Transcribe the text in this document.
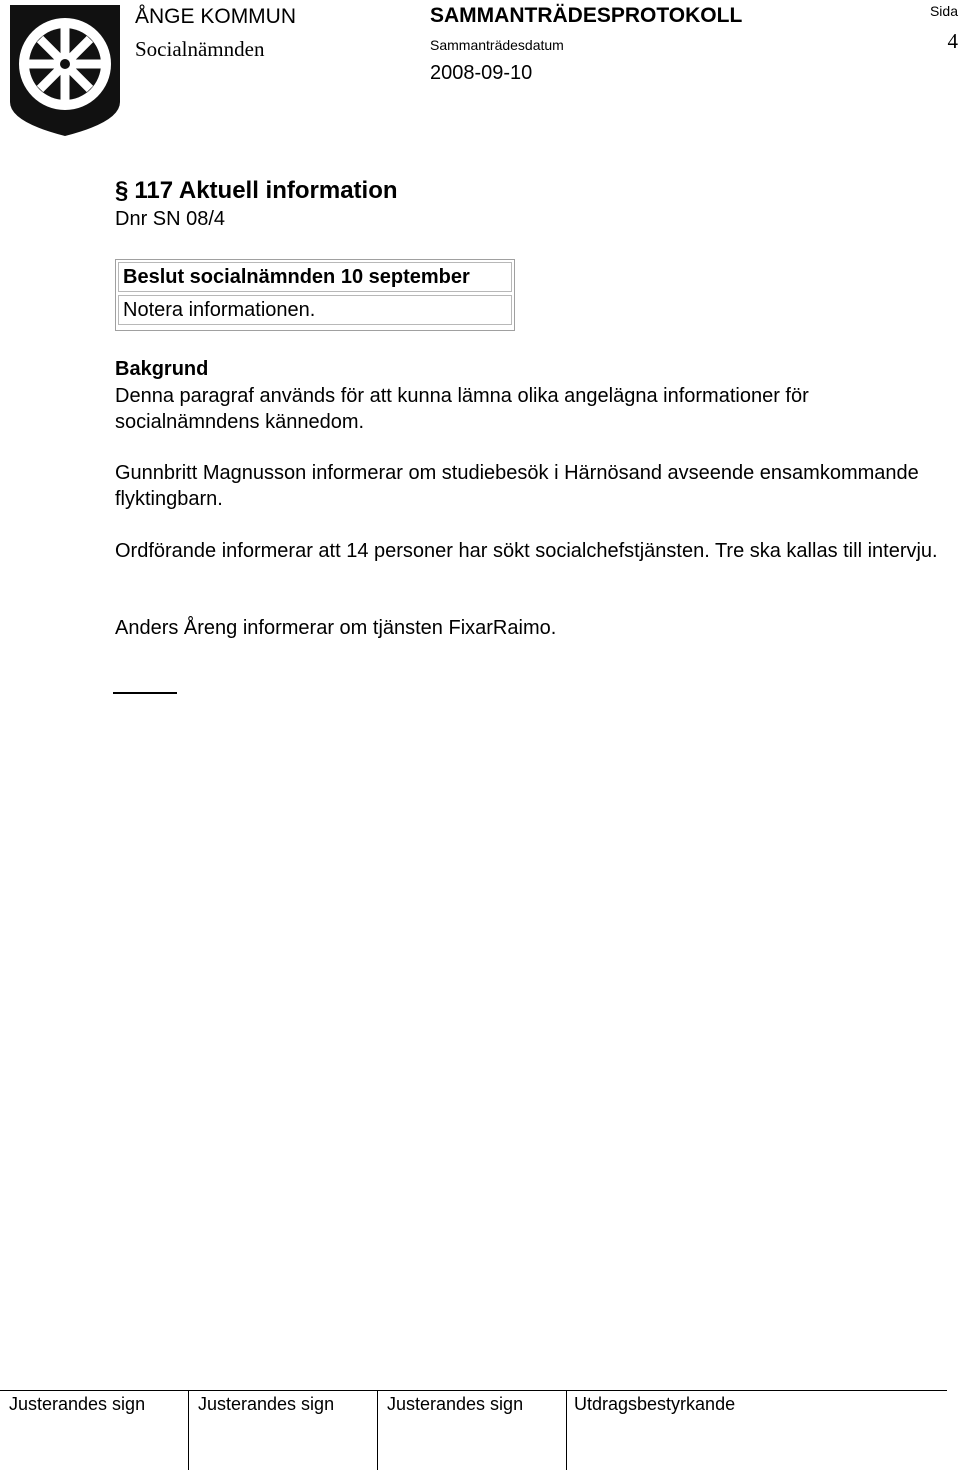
ÅNGE KOMMUN
Socialnämnden
SAMMANTRÄDESPROTOKOLL
Sammanträdesdatum
2008-09-10
Sida
4
§ 117 Aktuell information
Dnr SN 08/4
Beslut socialnämnden 10 september
Notera informationen.
Bakgrund
Denna paragraf används för att kunna lämna olika angelägna informationer för socialnämndens kännedom.
Gunnbritt Magnusson informerar om studiebesök i Härnösand avseende ensamkommande flyktingbarn.
Ordförande informerar att 14 personer har sökt socialchefstjänsten. Tre ska kallas till intervju.
Anders Åreng informerar om tjänsten FixarRaimo.
Justerandes sign	Justerandes sign	Justerandes sign	Utdragsbestyrkande
